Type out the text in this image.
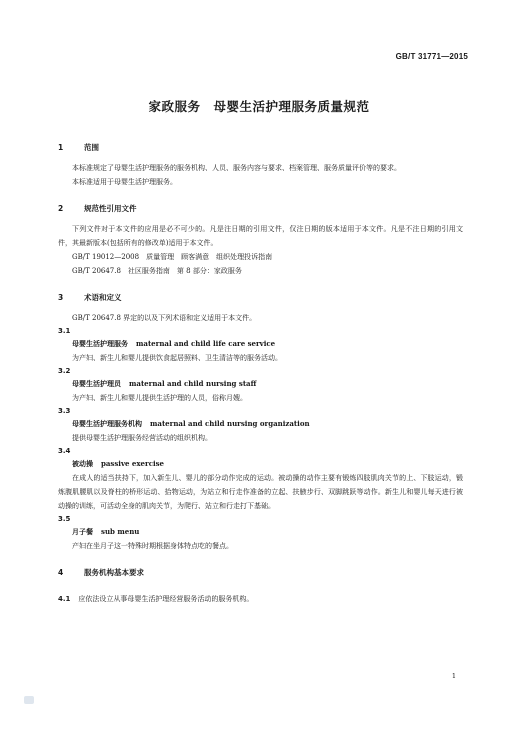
GB/T 31771—2015
家政服务　母婴生活护理服务质量规范
1	范围
本标准规定了母婴生活护理服务的服务机构、人员、服务内容与要求、档案管理、服务质量评价等的要求。
本标准适用于母婴生活护理服务。
2	规范性引用文件
下列文件对于本文件的应用是必不可少的。凡是注日期的引用文件，仅注日期的版本适用于本文件。凡是不注日期的引用文件，其最新版本(包括所有的修改单)适用于本文件。
GB/T 19012—2008　质量管理　顾客满意　组织处理投诉指南
GB/T 20647.8　社区服务指南　第 8 部分：家政服务
3	术语和定义
GB/T 20647.8 界定的以及下列术语和定义适用于本文件。
3.1
母婴生活护理服务 maternal and child life care service
为产妇、新生儿和婴儿提供饮食起居照料、卫生清洁等的服务活动。
3.2
母婴生活护理员 maternal and child nursing staff
为产妇、新生儿和婴儿提供生活护理的人员，俗称月嫂。
3.3
母婴生活护理服务机构 maternal and child nursing organization
提供母婴生活护理服务经营活动的组织机构。
3.4
被动操 passive exercise
在成人的适当扶持下，加入新生儿、婴儿的部分动作完成的运动。被动操的动作主要有锻炼四肢肌肉关节的上、下肢运动，锻炼腹肌腰肌以及脊柱的桥形运动、拾物运动，为站立和行走作准备的立起、扶腋步行、双脚跳跃等动作。新生儿和婴儿每天进行被动操的训练，可活动全身的肌肉关节，为爬行、站立和行走打下基础。
3.5
月子餐 sub menu
产妇在坐月子这一特殊时期根据身体特点吃的餐点。
4	服务机构基本要求
4.1 应依法设立从事母婴生活护理经营服务活动的服务机构。
1
